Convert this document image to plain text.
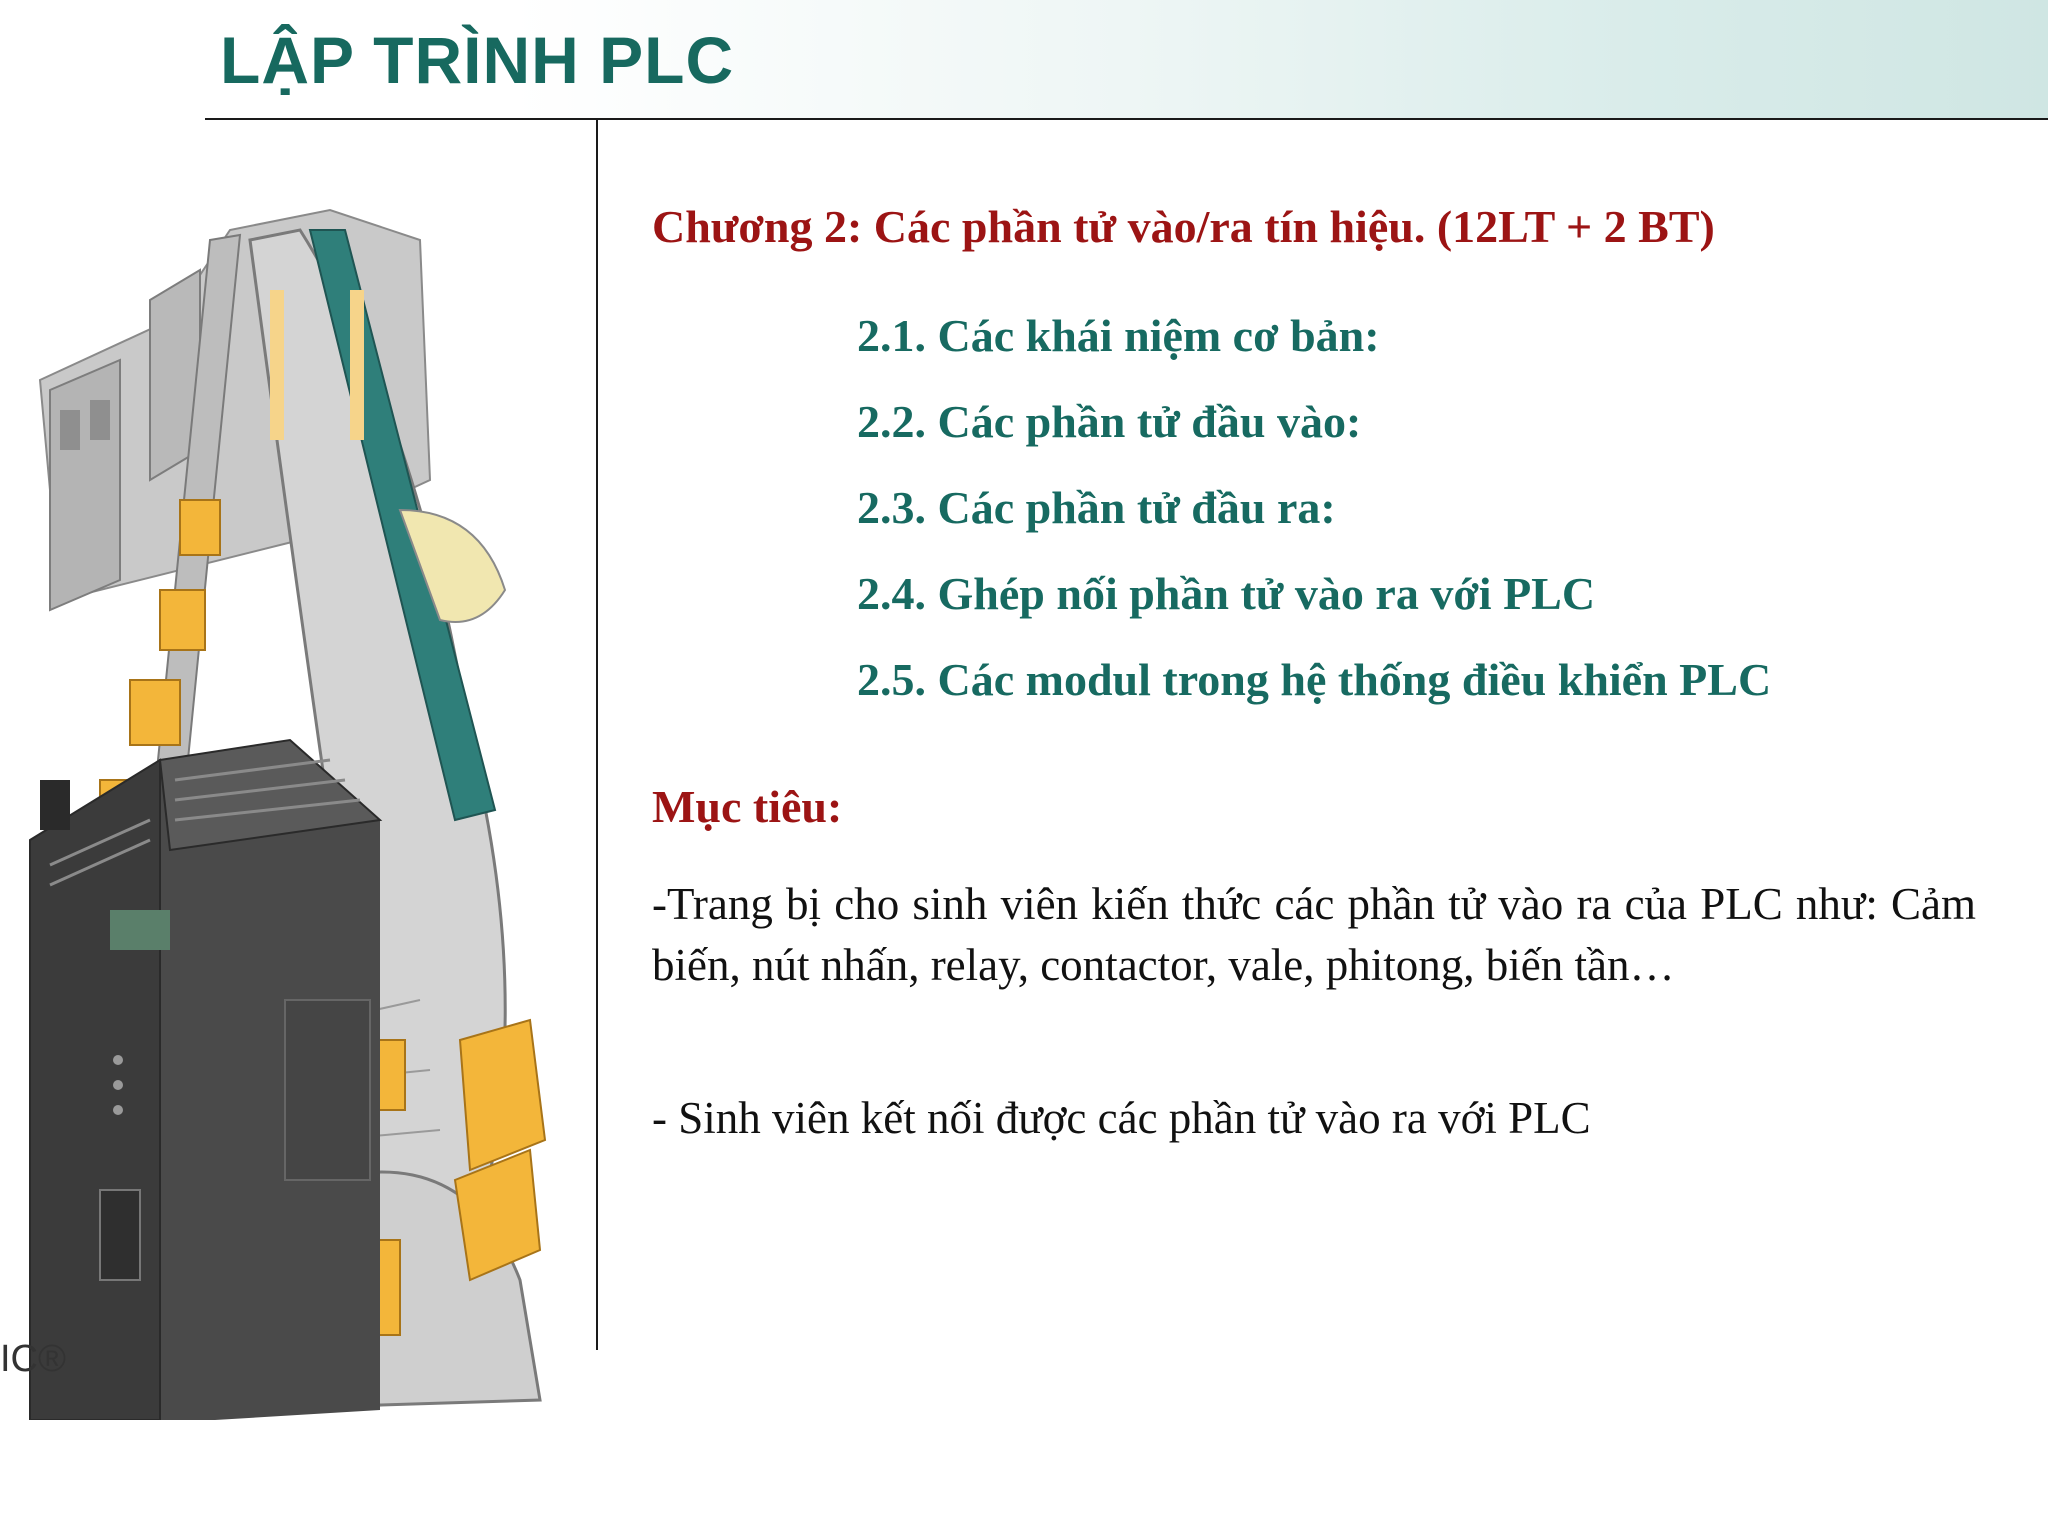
LẬP TRÌNH PLC
IC®
Chương 2: Các phần tử vào/ra tín hiệu. (12LT + 2 BT)
2.1. Các khái niệm cơ bản:
2.2. Các phần tử đầu vào:
2.3. Các phần tử đầu ra:
2.4. Ghép nối phần tử vào ra với PLC
2.5. Các modul trong hệ thống điều khiển PLC
Mục tiêu:
-Trang bị cho sinh viên kiến thức các phần tử vào ra của PLC như: Cảm biến, nút nhấn, relay, contactor, vale, phitong, biến tần…
- Sinh viên kết nối được các phần tử vào ra với PLC
